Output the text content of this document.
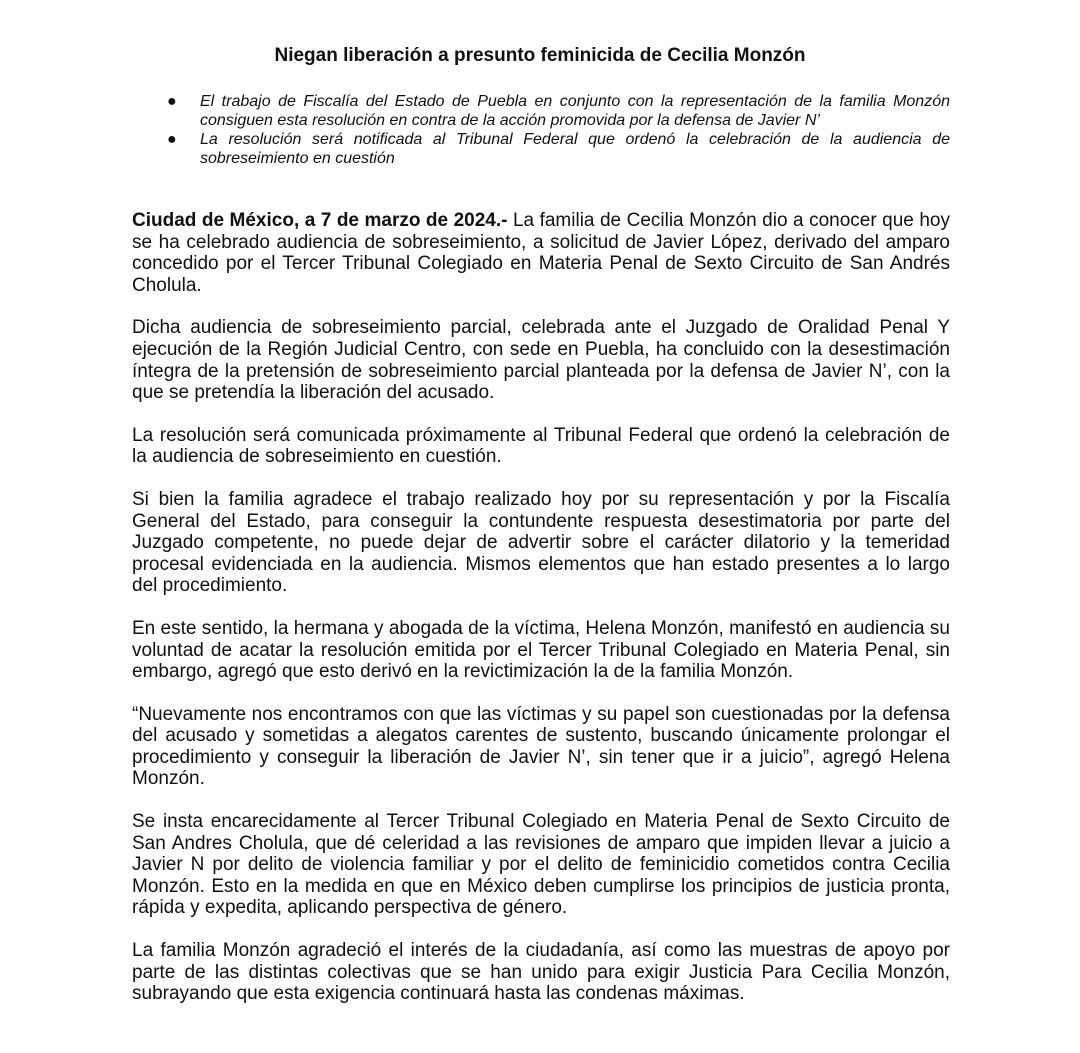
Niegan liberación a presunto feminicida de Cecilia Monzón
● El trabajo de Fiscalía del Estado de Puebla en conjunto con la representación de la familia Monzón consiguen esta resolución en contra de la acción promovida por la defensa de Javier N’
● La resolución será notificada al Tribunal Federal que ordenó la celebración de la audiencia de sobreseimiento en cuestión

Ciudad de México, a 7 de marzo de 2024.- La familia de Cecilia Monzón dio a conocer que hoy se ha celebrado audiencia de sobreseimiento, a solicitud de Javier López, derivado del amparo concedido por el Tercer Tribunal Colegiado en Materia Penal de Sexto Circuito de San Andrés Cholula.

Dicha audiencia de sobreseimiento parcial, celebrada ante el Juzgado de Oralidad Penal Y ejecución de la Región Judicial Centro, con sede en Puebla, ha concluido con la desestimación íntegra de la pretensión de sobreseimiento parcial planteada por la defensa de Javier N’, con la que se pretendía la liberación del acusado.

La resolución será comunicada próximamente al Tribunal Federal que ordenó la celebración de la audiencia de sobreseimiento en cuestión.

Si bien la familia agradece el trabajo realizado hoy por su representación y por la Fiscalía General del Estado, para conseguir la contundente respuesta desestimatoria por parte del Juzgado competente, no puede dejar de advertir sobre el carácter dilatorio y la temeridad procesal evidenciada en la audiencia. Mismos elementos que han estado presentes a lo largo del procedimiento.

En este sentido, la hermana y abogada de la víctima, Helena Monzón, manifestó en audiencia su voluntad de acatar la resolución emitida por el Tercer Tribunal Colegiado en Materia Penal, sin embargo, agregó que esto derivó en la revictimización la de la familia Monzón.

“Nuevamente nos encontramos con que las víctimas y su papel son cuestionadas por la defensa del acusado y sometidas a alegatos carentes de sustento, buscando únicamente prolongar el procedimiento y conseguir la liberación de Javier N’, sin tener que ir a juicio”, agregó Helena Monzón.

Se insta encarecidamente al Tercer Tribunal Colegiado en Materia Penal de Sexto Circuito de San Andres Cholula, que dé celeridad a las revisiones de amparo que impiden llevar a juicio a Javier N por delito de violencia familiar y por el delito de feminicidio cometidos contra Cecilia Monzón. Esto en la medida en que en México deben cumplirse los principios de justicia pronta, rápida y expedita, aplicando perspectiva de género.

La familia Monzón agradeció el interés de la ciudadanía, así como las muestras de apoyo por parte de las distintas colectivas que se han unido para exigir Justicia Para Cecilia Monzón, subrayando que esta exigencia continuará hasta las condenas máximas.
